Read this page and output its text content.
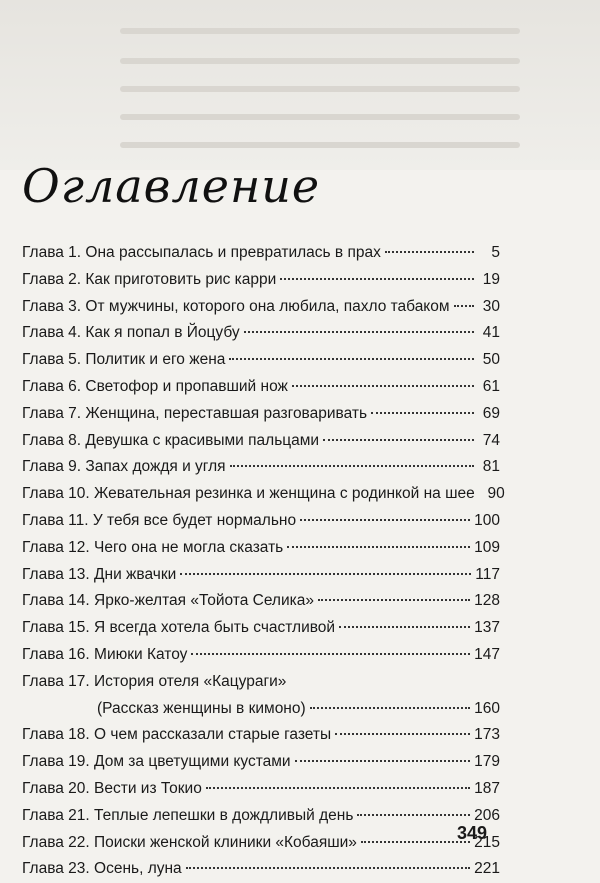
Оглавление
Глава 1. Она рассыпалась и превратилась в прах	5
Глава 2. Как приготовить рис карри	19
Глава 3. От мужчины, которого она любила, пахло табаком	30
Глава 4. Как я попал в Йоцубу	41
Глава 5. Политик и его жена	50
Глава 6. Светофор и пропавший нож	61
Глава 7. Женщина, переставшая разговаривать	69
Глава 8. Девушка с красивыми пальцами	74
Глава 9. Запах дождя и угля	81
Глава 10. Жевательная резинка и женщина с родинкой на шее 90
Глава 11. У тебя все будет нормально	100
Глава 12. Чего она не могла сказать	109
Глава 13. Дни жвачки	117
Глава 14. Ярко-желтая «Тойота Селика»	128
Глава 15. Я всегда хотела быть счастливой	137
Глава 16. Миюки Катоу	147
Глава 17. История отеля «Кацураги»
(Рассказ женщины в кимоно)	160
Глава 18. О чем рассказали старые газеты	173
Глава 19. Дом за цветущими кустами	179
Глава 20. Вести из Токио	187
Глава 21. Теплые лепешки в дождливый день	206
Глава 22. Поиски женской клиники «Кобаяши»	215
Глава 23. Осень, луна	221
349
